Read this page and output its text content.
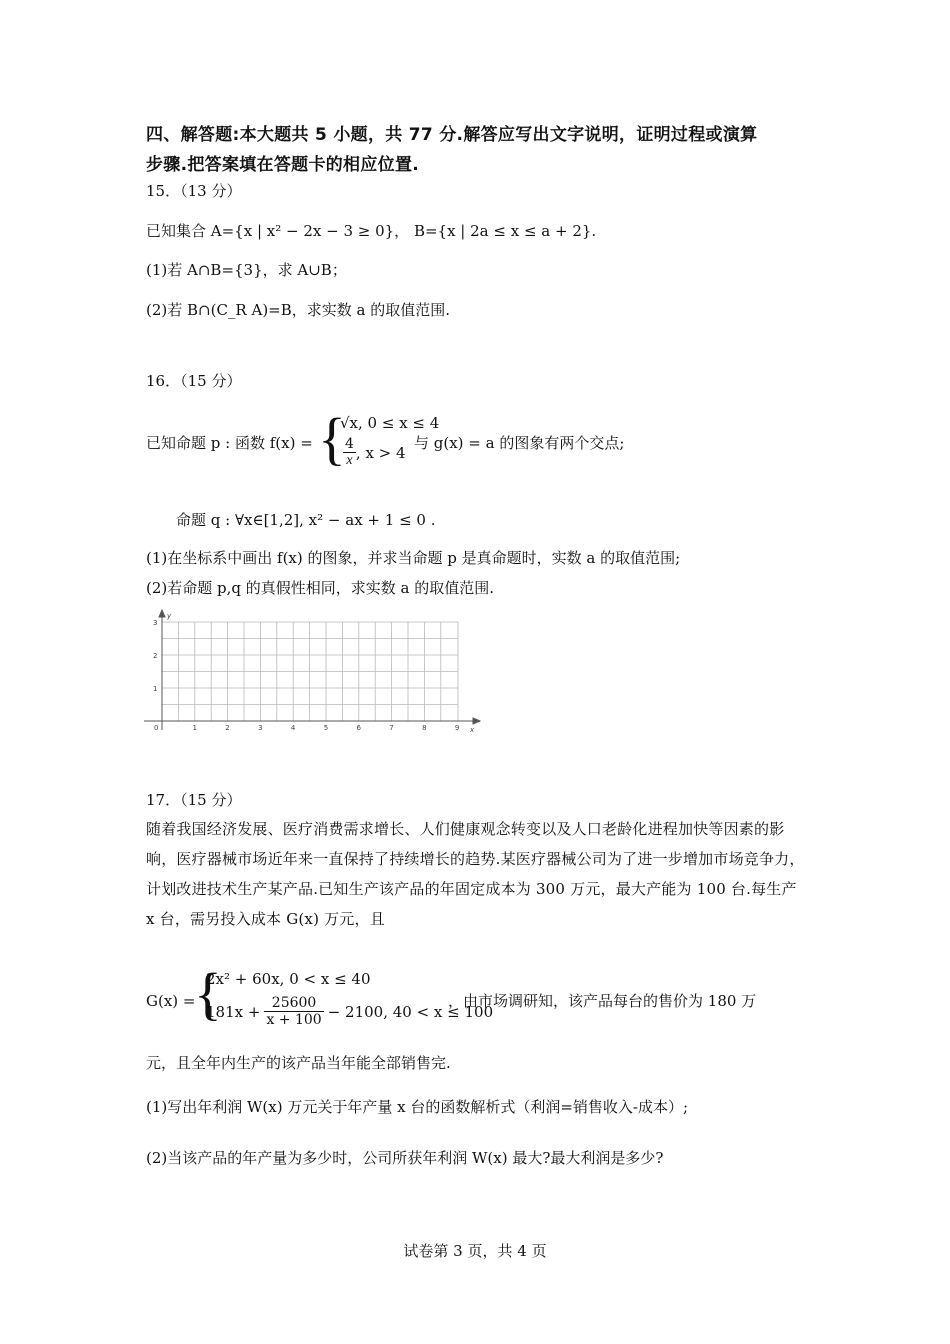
四、解答题:本大题共 5 小题，共 77 分.解答应写出文字说明，证明过程或演算
步骤.把答案填在答题卡的相应位置.
15．（13 分）
已知集合 A={x | x² − 2x − 3 ≥ 0}， B={x | 2a ≤ x ≤ a + 2}.
(1)若 A∩B={3}，求 A∪B；
(2)若 B∩(C_R A)=B，求实数 a 的取值范围.
16．（15 分）
已知命题 p : 函数 f(x) = {
√x, 0 ≤ x ≤ 4
$\frac{4}{x}$ , x > 4
与 g(x) = a 的图象有两个交点;
命题 q : ∀x∈[1,2], x² − ax + 1 ≤ 0 .
(1)在坐标系中画出 f(x) 的图象，并求当命题 p 是真命题时，实数 a 的取值范围;
(2)若命题 p,q 的真假性相同，求实数 a 的取值范围.
0	1	2	3	4	5	6	7	8	9
1
2
3
x
y
17．（15 分）
随着我国经济发展、医疗消费需求增长、人们健康观念转变以及人口老龄化进程加快等因素的影响，医疗器械市场近年来一直保持了持续增长的趋势.某医疗器械公司为了进一步增加市场竞争力，计划改进技术生产某产品.已知生产该产品的年固定成本为 300 万元，最大产能为 100 台.每生产 x 台，需另投入成本 G(x) 万元，且
G(x) =
{
2x² + 60x, 0 < x ≤ 40
$181x + \frac{25600}{x + 100} - 2100$, 40 < x ≤ 100
，由市场调研知，该产品每台的售价为 180 万
元，且全年内生产的该产品当年能全部销售完.
(1)写出年利润 W(x) 万元关于年产量 x 台的函数解析式（利润=销售收入-成本）;
(2)当该产品的年产量为多少时，公司所获年利润 W(x) 最大?最大利润是多少?
试卷第 3 页，共 4 页
